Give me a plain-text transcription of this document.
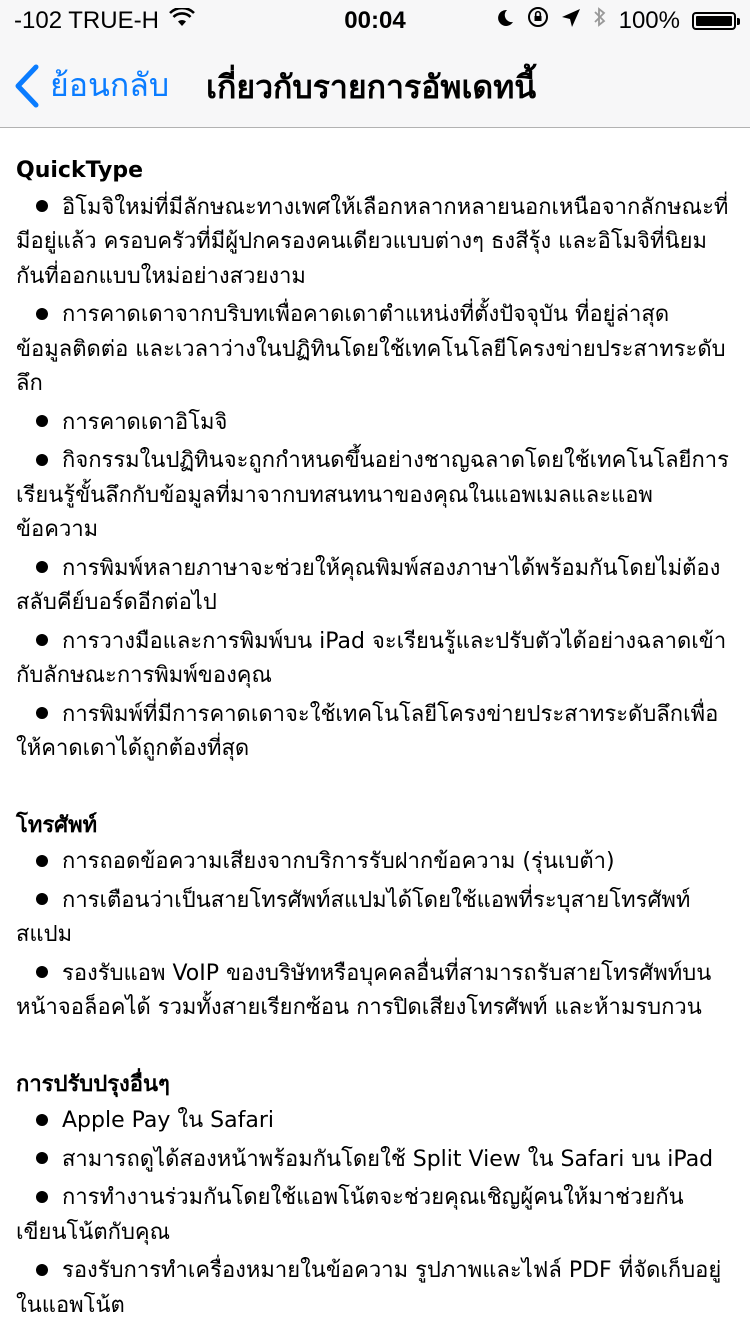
-102 TRUE-H	00:04	100%
ย้อนกลับ เกี่ยวกับรายการอัพเดทนี้

QuickType

อิโมจิใหม่ที่มีลักษณะทางเพศให้เลือกหลากหลายนอกเหนือจากลักษณะที่มีอยู่แล้ว ครอบครัวที่มีผู้ปกครองคนเดียวแบบต่างๆ ธงสีรุ้ง และอิโมจิที่นิยมกันที่ออกแบบใหม่อย่างสวยงาม
การคาดเดาจากบริบทเพื่อคาดเดาตำแหน่งที่ตั้งปัจจุบัน ที่อยู่ล่าสุด ข้อมูลติดต่อ และเวลาว่างในปฏิทินโดยใช้เทคโนโลยีโครงข่ายประสาทระดับลึก
การคาดเดาอิโมจิ
กิจกรรมในปฏิทินจะถูกกำหนดขึ้นอย่างชาญฉลาดโดยใช้เทคโนโลยีการเรียนรู้ขั้นลึกกับข้อมูลที่มาจากบทสนทนาของคุณในแอพเมลและแอพข้อความ
การพิมพ์หลายภาษาจะช่วยให้คุณพิมพ์สองภาษาได้พร้อมกันโดยไม่ต้องสลับคีย์บอร์ดอีกต่อไป
การวางมือและการพิมพ์บน iPad จะเรียนรู้และปรับตัวได้อย่างฉลาดเข้ากับลักษณะการพิมพ์ของคุณ
การพิมพ์ที่มีการคาดเดาจะใช้เทคโนโลยีโครงข่ายประสาทระดับลึกเพื่อให้คาดเดาได้ถูกต้องที่สุด

โทรศัพท์

การถอดข้อความเสียงจากบริการรับฝากข้อความ (รุ่นเบต้า)
การเตือนว่าเป็นสายโทรศัพท์สแปมได้โดยใช้แอพที่ระบุสายโทรศัพท์สแปม
รองรับแอพ VoIP ของบริษัทหรือบุคคลอื่นที่สามารถรับสายโทรศัพท์บนหน้าจอล็อคได้ รวมทั้งสายเรียกซ้อน การปิดเสียงโทรศัพท์ และห้ามรบกวน

การปรับปรุงอื่นๆ

Apple Pay ใน Safari
สามารถดูได้สองหน้าพร้อมกันโดยใช้ Split View ใน Safari บน iPad
การทำงานร่วมกันโดยใช้แอพโน้ตจะช่วยคุณเชิญผู้คนให้มาช่วยกันเขียนโน้ตกับคุณ
รองรับการทำเครื่องหมายในข้อความ รูปภาพและไฟล์ PDF ที่จัดเก็บอยู่ในแอพโน้ต
